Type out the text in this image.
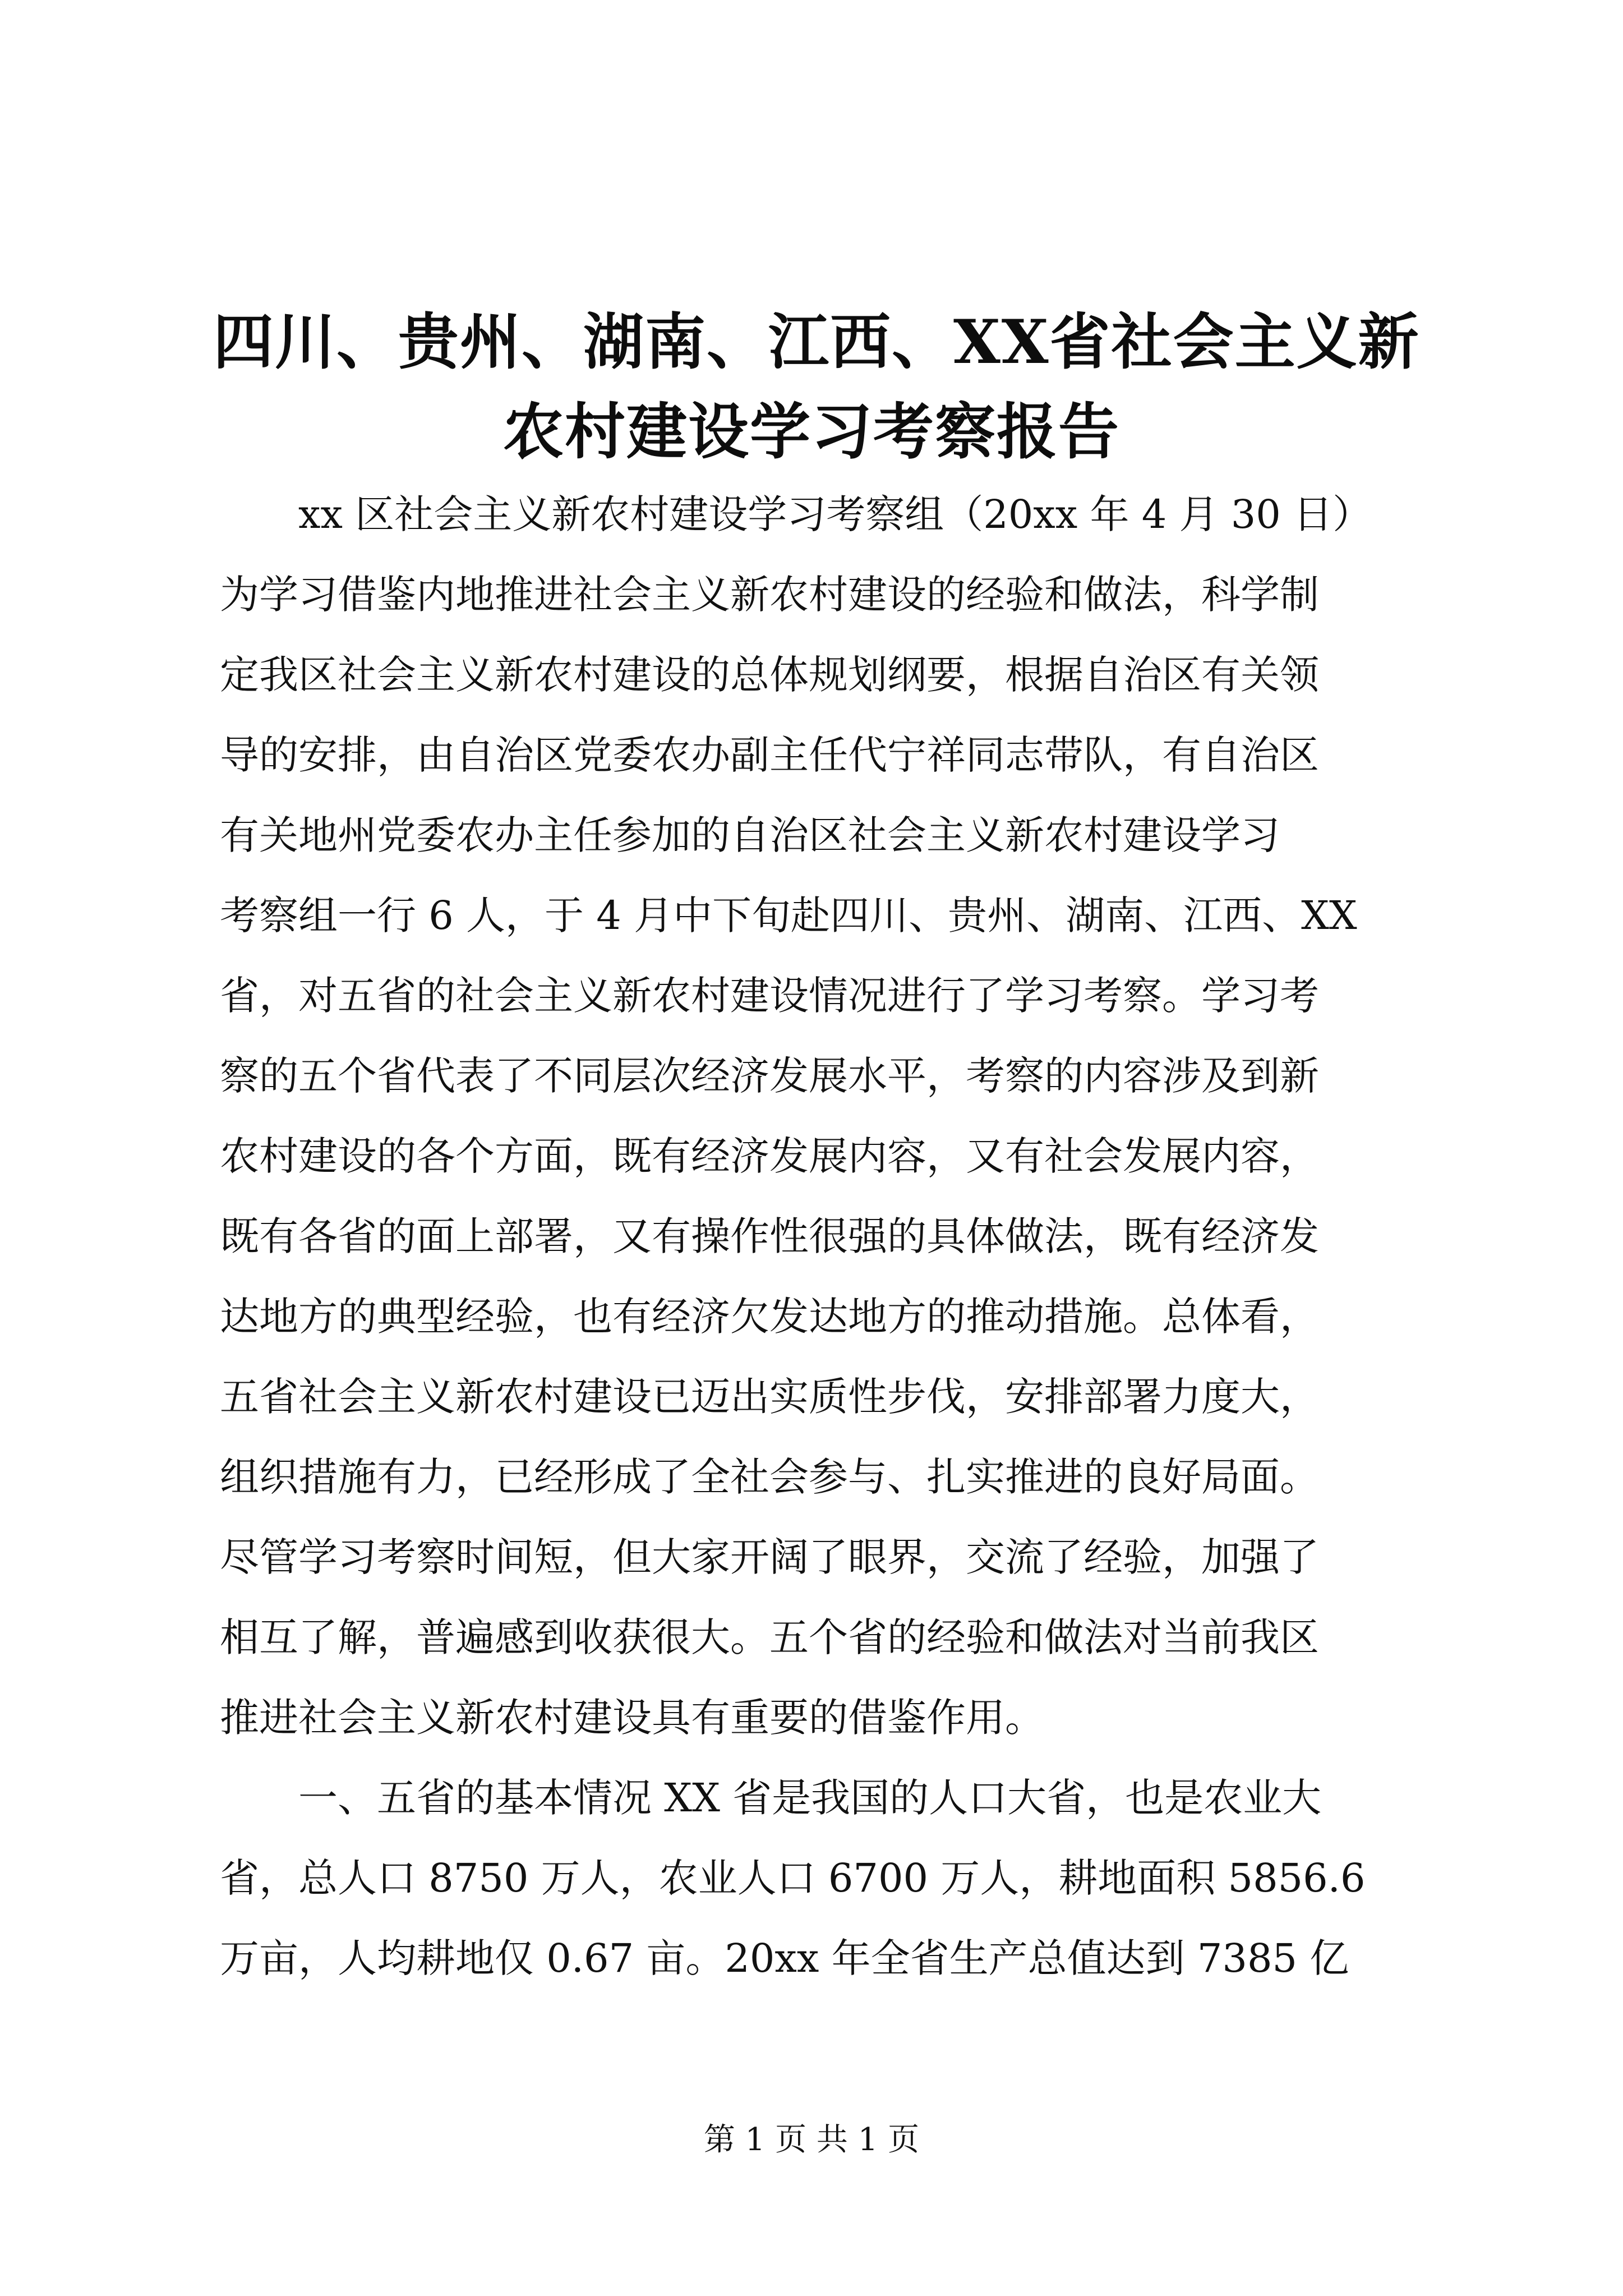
四川、贵州、湖南、江西、XX省社会主义新
农村建设学习考察报告
xx 区社会主义新农村建设学习考察组（20xx 年 4 月 30 日）
为学习借鉴内地推进社会主义新农村建设的经验和做法，科学制
定我区社会主义新农村建设的总体规划纲要，根据自治区有关领
导的安排，由自治区党委农办副主任代宁祥同志带队，有自治区
有关地州党委农办主任参加的自治区社会主义新农村建设学习
考察组一行 6 人，于 4 月中下旬赴四川、贵州、湖南、江西、XX
省，对五省的社会主义新农村建设情况进行了学习考察。学习考
察的五个省代表了不同层次经济发展水平，考察的内容涉及到新
农村建设的各个方面，既有经济发展内容，又有社会发展内容，
既有各省的面上部署，又有操作性很强的具体做法，既有经济发
达地方的典型经验，也有经济欠发达地方的推动措施。总体看，
五省社会主义新农村建设已迈出实质性步伐，安排部署力度大，
组织措施有力，已经形成了全社会参与、扎实推进的良好局面。
尽管学习考察时间短，但大家开阔了眼界，交流了经验，加强了
相互了解，普遍感到收获很大。五个省的经验和做法对当前我区
推进社会主义新农村建设具有重要的借鉴作用。
一、五省的基本情况 XX 省是我国的人口大省，也是农业大
省，总人口 8750 万人，农业人口 6700 万人，耕地面积 5856.6
万亩，人均耕地仅 0.67 亩。20xx 年全省生产总值达到 7385 亿
第 1 页 共 1 页
